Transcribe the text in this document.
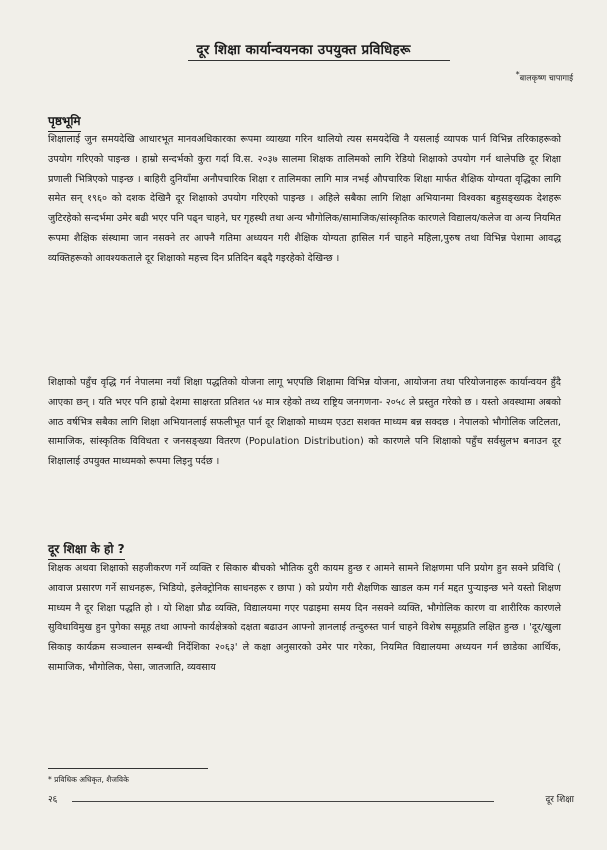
दूर शिक्षा कार्यान्वयनका उपयुक्त प्रविधिहरू
*बालकृष्ण चापागाई
पृष्ठभूमि

शिक्षालाई जुन समयदेखि आधारभूत मानवअधिकारका रूपमा व्याख्या गरिन थालियो त्यस समयदेखि नै यसलाई व्यापक पार्न विभिन्न तरिकाहरूको उपयोग गरिएको पाइन्छ । हाम्रो सन्दर्भको कुरा गर्दा वि.स. २०३७ सालमा शिक्षक तालिमको लागि रेडियो शिक्षाको उपयोग गर्न थालेपछि दूर शिक्षा प्रणाली भित्रिएको पाइन्छ । बाहिरी दुनियाँमा अनौपचारिक शिक्षा र तालिमका लागि मात्र नभई औपचारिक शिक्षा मार्फत शैक्षिक योग्यता वृद्धिका लागि समेत सन् १९६० को दशक देखिनै दूर शिक्षाको उपयोग गरिएको पाइन्छ । अहिले सबैका लागि शिक्षा अभियानमा विश्वका बहुसङ्ख्यक देशहरू जुटिरहेको सन्दर्भमा उमेर बढी भएर पनि पढ्न चाहने, घर गृहस्थी तथा अन्य भौगोलिक/सामाजिक/सांस्कृतिक कारणले विद्यालय/कलेज वा अन्य नियमित रूपमा शैक्षिक संस्थामा जान नसक्ने तर आफ्नै गतिमा अध्ययन गरी शैक्षिक योग्यता हासिल गर्न चाहने महिला,पुरुष तथा विभिन्न पेशामा आवद्ध व्यक्तिहरूको आवश्यकताले दूर शिक्षाको महत्त्व दिन प्रतिदिन बढ्दै गइरहेको देखिन्छ ।

शिक्षाको पहुँच वृद्धि गर्न नेपालमा नयाँ शिक्षा पद्धतिको योजना लागू भएपछि शिक्षामा विभिन्न योजना, आयोजना तथा परियोजनाहरू कार्यान्वयन हुँदै आएका छन् । यति भएर पनि हाम्रो देशमा साक्षरता प्रतिशत ५४ मात्र रहेको तथ्य राष्ट्रिय जनगणना- २०५८ ले प्रस्तुत गरेको छ । यस्तो अवस्थामा अबको आठ वर्षभित्र सबैका लागि शिक्षा अभियानलाई सफलीभूत पार्न दूर शिक्षाको माध्यम एउटा सशक्त माध्यम बन्न सक्दछ । नेपालको भौगोलिक जटिलता, सामाजिक, सांस्कृतिक विविधता र जनसङ्ख्या वितरण (Population Distribution) को कारणले पनि शिक्षाको पहुँच सर्वसुलभ बनाउन दूर शिक्षालाई उपयुक्त माध्यमको रूपमा लिइनु पर्दछ ।

दूर शिक्षा के हो ?

शिक्षक अथवा शिक्षाको सहजीकरण गर्ने व्यक्ति र सिकारु बीचको भौतिक दुरी कायम हुन्छ र आमने सामने शिक्षणमा पनि प्रयोग हुन सक्ने प्रविधि ( आवाज प्रसारण गर्ने साधनहरू, भिडियो, इलेक्ट्रोनिक साधनहरू र छापा ) को प्रयोग गरी शैक्षणिक खाडल कम गर्न मद्दत पुऱ्याइन्छ भने यस्तो शिक्षण माध्यम नै दूर शिक्षा पद्धति हो । यो शिक्षा प्रौढ व्यक्ति, विद्यालयमा गएर पढाइमा समय दिन नसक्ने व्यक्ति, भौगोलिक कारण वा शारीरिक कारणले सुविधाविमुख हुन पुगेका समूह तथा आफ्नो कार्यक्षेत्रको दक्षता बढाउन आफ्नो ज्ञानलाई तन्दुरुस्त पार्न चाहने विशेष समूहप्रति लक्षित हुन्छ । 'दूर/खुला सिकाइ कार्यक्रम सञ्चालन सम्बन्धी निर्देशिका २०६३' ले कक्षा अनुसारको उमेर पार गरेका, नियमित विद्यालयमा अध्ययन गर्न छाडेका आर्थिक, सामाजिक, भौगोलिक, पेसा, जातजाति, व्यवसाय

* प्रविधिक अधिकृत, शैजविके
२६	दूर शिक्षा
